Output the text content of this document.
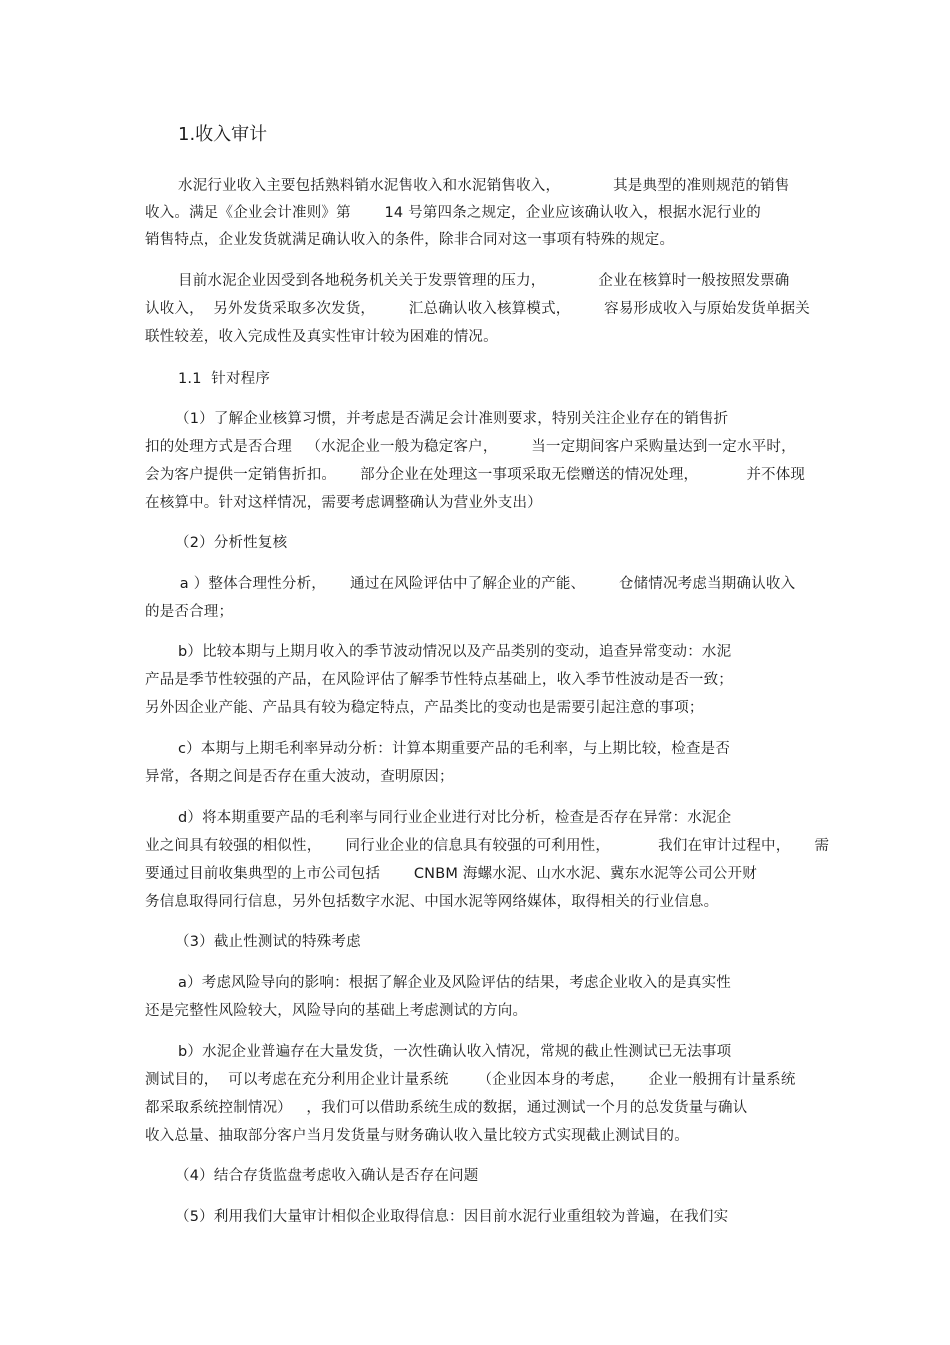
1.收入审计
水泥行业收入主要包括熟料销水泥售收入和水泥销售收入，           其是典型的准则规范的销售
收入。满足《企业会计准则》第       14 号第四条之规定，企业应该确认收入，根据水泥行业的
销售特点，企业发货就满足确认收入的条件，除非合同对这一事项有特殊的规定。
目前水泥企业因受到各地税务机关关于发票管理的压力，           企业在核算时一般按照发票确
认收入，  另外发货采取多次发货，       汇总确认收入核算模式，       容易形成收入与原始发货单据关
联性较差，收入完成性及真实性审计较为困难的情况。
1.1  针对程序
（1）了解企业核算习惯，并考虑是否满足会计准则要求，特别关注企业存在的销售折
扣的处理方式是否合理   （水泥企业一般为稳定客户，       当一定期间客户采购量达到一定水平时，
会为客户提供一定销售折扣。     部分企业在处理这一事项采取无偿赠送的情况处理，          并不体现
在核算中。针对这样情况，需要考虑调整确认为营业外支出）
（2）分析性复核
a ）整体合理性分析，     通过在风险评估中了解企业的产能、       仓储情况考虑当期确认收入
的是否合理；
b）比较本期与上期月收入的季节波动情况以及产品类别的变动，追查异常变动：水泥
产品是季节性较强的产品，在风险评估了解季节性特点基础上，收入季节性波动是否一致；
另外因企业产能、产品具有较为稳定特点，产品类比的变动也是需要引起注意的事项；
c）本期与上期毛利率异动分析：计算本期重要产品的毛利率，与上期比较，检查是否
异常，各期之间是否存在重大波动，查明原因；
d）将本期重要产品的毛利率与同行业企业进行对比分析，检查是否存在异常：水泥企
业之间具有较强的相似性，     同行业企业的信息具有较强的可利用性，          我们在审计过程中，     需
要通过目前收集典型的上市公司包括       CNBM 海螺水泥、山水水泥、冀东水泥等公司公开财
务信息取得同行信息，另外包括数字水泥、中国水泥等网络媒体，取得相关的行业信息。
（3）截止性测试的特殊考虑
a）考虑风险导向的影响：根据了解企业及风险评估的结果，考虑企业收入的是真实性
还是完整性风险较大，风险导向的基础上考虑测试的方向。
b）水泥企业普遍存在大量发货，一次性确认收入情况，常规的截止性测试已无法事项
测试目的，  可以考虑在充分利用企业计量系统      （企业因本身的考虑，     企业一般拥有计量系统
都采取系统控制情况）   ，我们可以借助系统生成的数据，通过测试一个月的总发货量与确认
收入总量、抽取部分客户当月发货量与财务确认收入量比较方式实现截止测试目的。
（4）结合存货监盘考虑收入确认是否存在问题
（5）利用我们大量审计相似企业取得信息：因目前水泥行业重组较为普遍，在我们实
